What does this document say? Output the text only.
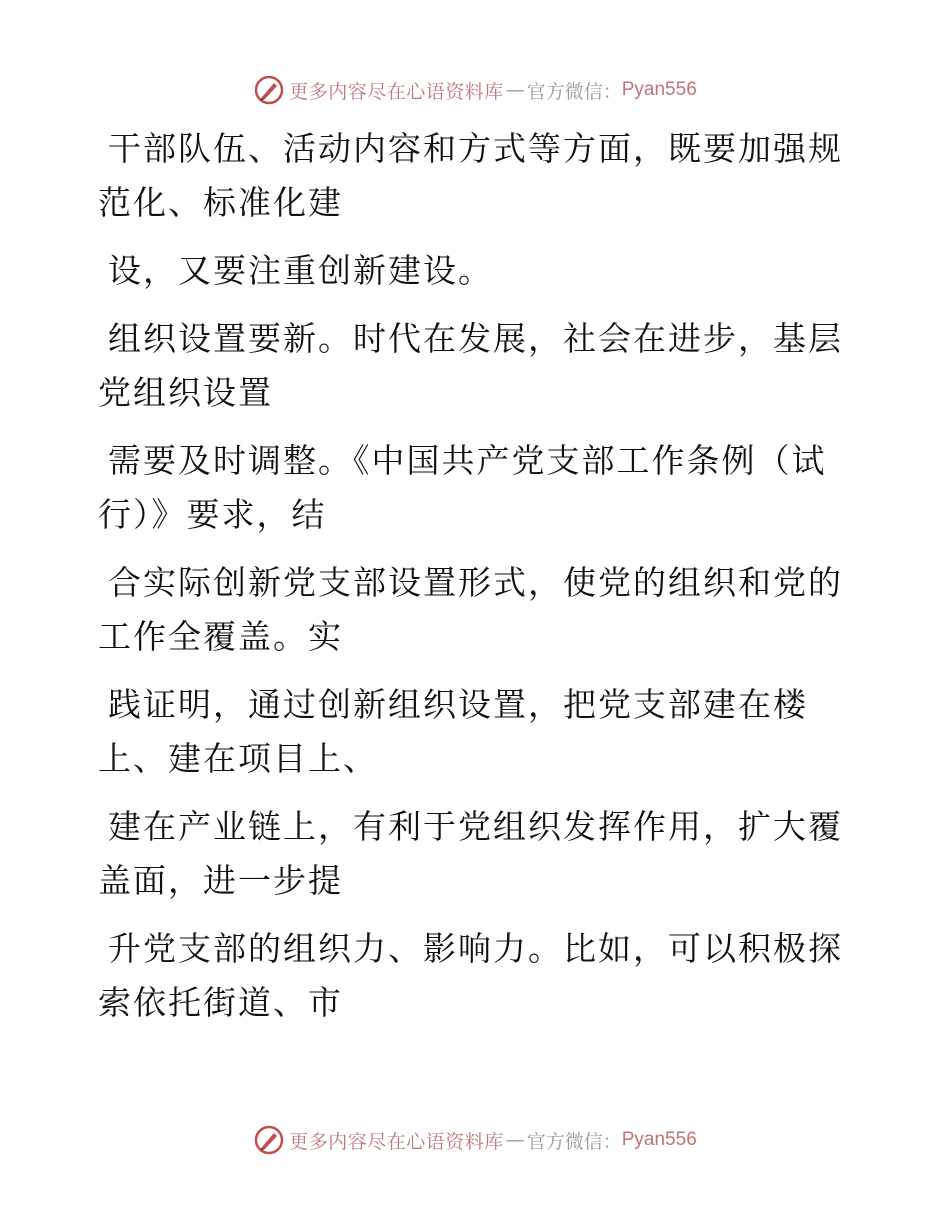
更多内容尽在心语资料库 — 官方微信： Pyan556

干部队伍、活动内容和方式等方面，既要加强规
范化、标准化建

设，又要注重创新建设。

组织设置要新。时代在发展，社会在进步，基层
党组织设置

需要及时调整。《中国共产党支部工作条例（试
行）》要求，结

合实际创新党支部设置形式，使党的组织和党的
工作全覆盖。实

践证明，通过创新组织设置，把党支部建在楼
上、建在项目上、

建在产业链上，有利于党组织发挥作用，扩大覆
盖面，进一步提

升党支部的组织力、影响力。比如，可以积极探
索依托街道、市

更多内容尽在心语资料库 — 官方微信： Pyan556
